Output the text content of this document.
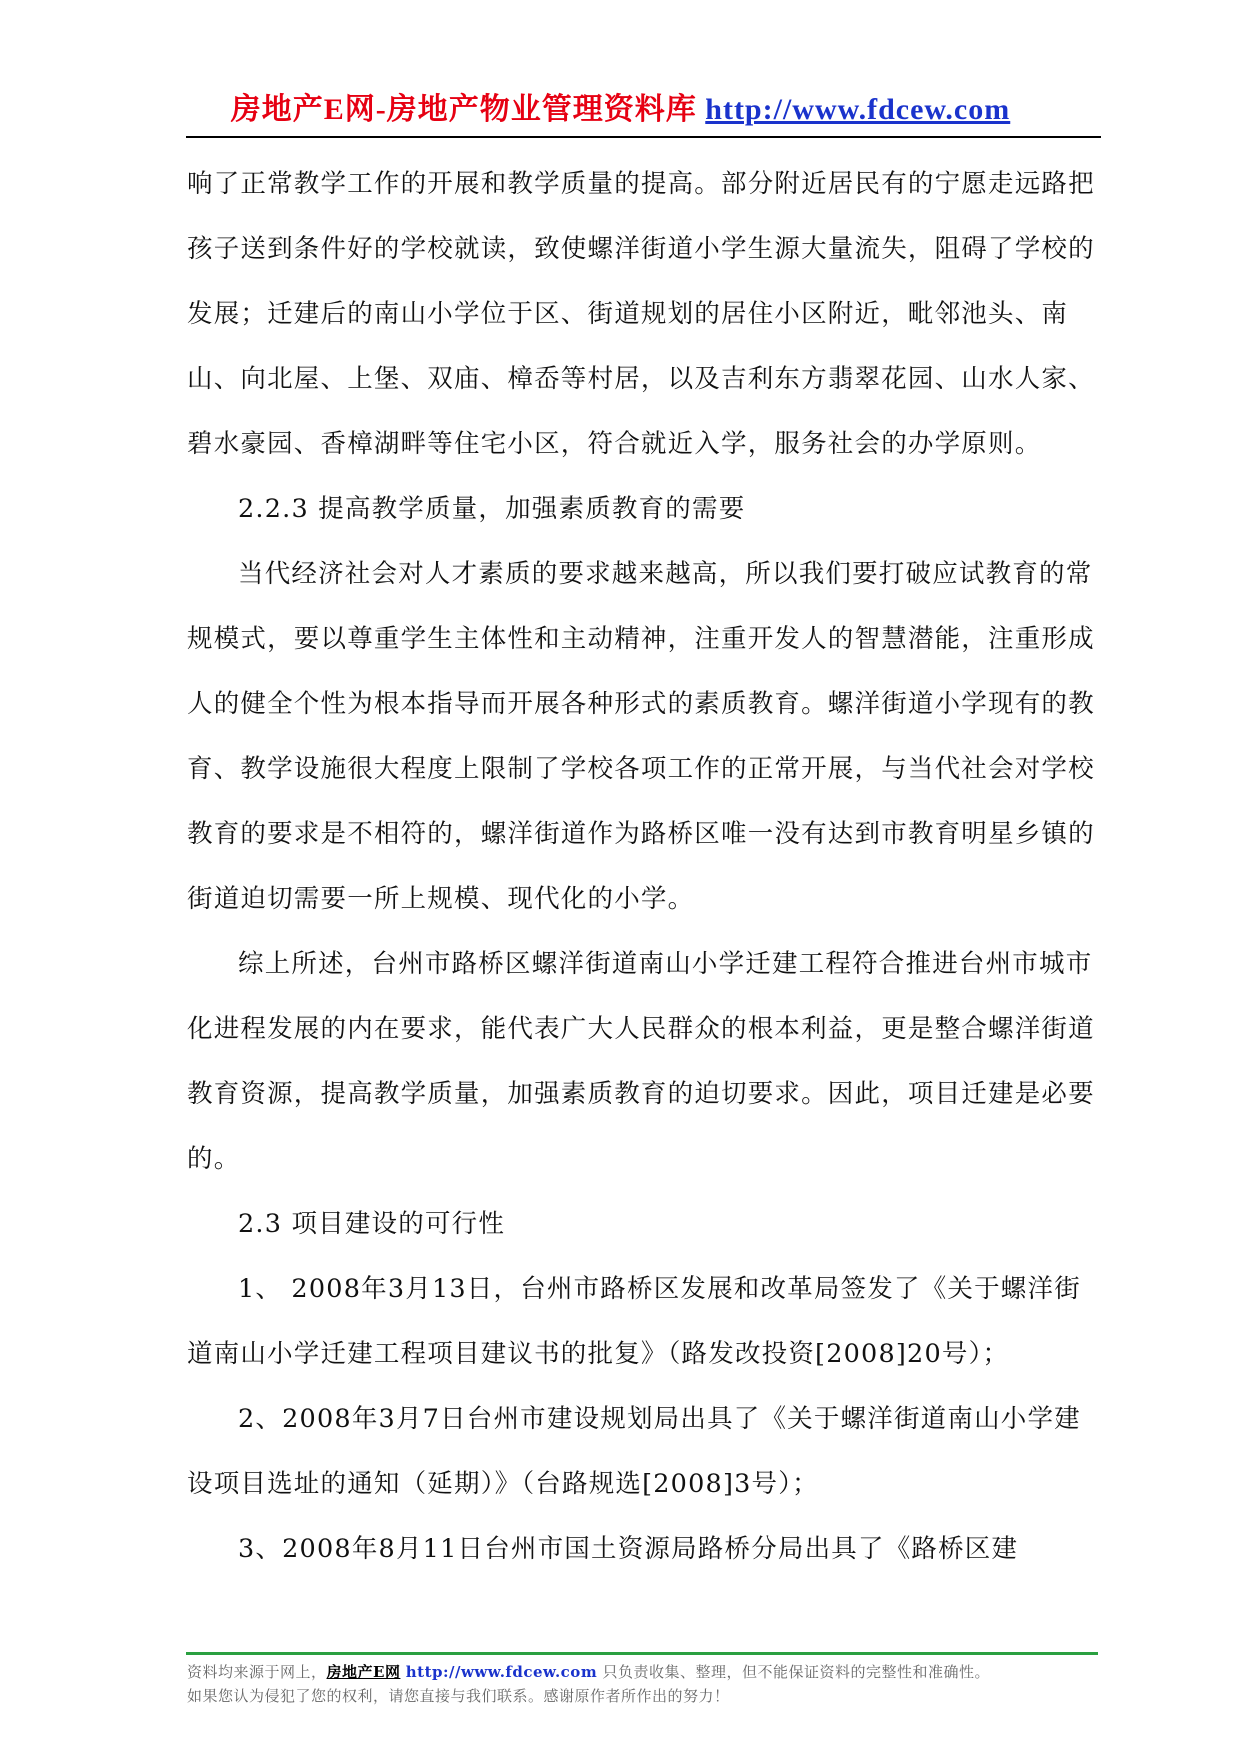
房地产E网-房地产物业管理资料库 http://www.fdcew.com

响了正常教学工作的开展和教学质量的提高。部分附近居民有的宁愿走远路把孩子送到条件好的学校就读，致使螺洋街道小学生源大量流失，阻碍了学校的发展；迁建后的南山小学位于区、街道规划的居住小区附近，毗邻池头、南山、向北屋、上堡、双庙、樟岙等村居，以及吉利东方翡翠花园、山水人家、碧水豪园、香樟湖畔等住宅小区，符合就近入学，服务社会的办学原则。

2.2.3 提高教学质量，加强素质教育的需要

当代经济社会对人才素质的要求越来越高，所以我们要打破应试教育的常规模式，要以尊重学生主体性和主动精神，注重开发人的智慧潜能，注重形成人的健全个性为根本指导而开展各种形式的素质教育。螺洋街道小学现有的教育、教学设施很大程度上限制了学校各项工作的正常开展，与当代社会对学校教育的要求是不相符的，螺洋街道作为路桥区唯一没有达到市教育明星乡镇的街道迫切需要一所上规模、现代化的小学。

综上所述，台州市路桥区螺洋街道南山小学迁建工程符合推进台州市城市化进程发展的内在要求，能代表广大人民群众的根本利益，更是整合螺洋街道教育资源，提高教学质量，加强素质教育的迫切要求。因此，项目迁建是必要的。

2.3 项目建设的可行性

1、 2008年3月13日，台州市路桥区发展和改革局签发了《关于螺洋街道南山小学迁建工程项目建议书的批复》（路发改投资[2008]20号）；

2、2008年3月7日台州市建设规划局出具了《关于螺洋街道南山小学建设项目选址的通知（延期）》（台路规选[2008]3号）；

3、2008年8月11日台州市国土资源局路桥分局出具了《路桥区建

资料均来源于网上，房地产E网 http://www.fdcew.com 只负责收集、整理，但不能保证资料的完整性和准确性。

如果您认为侵犯了您的权利，请您直接与我们联系。感谢原作者所作出的努力！
